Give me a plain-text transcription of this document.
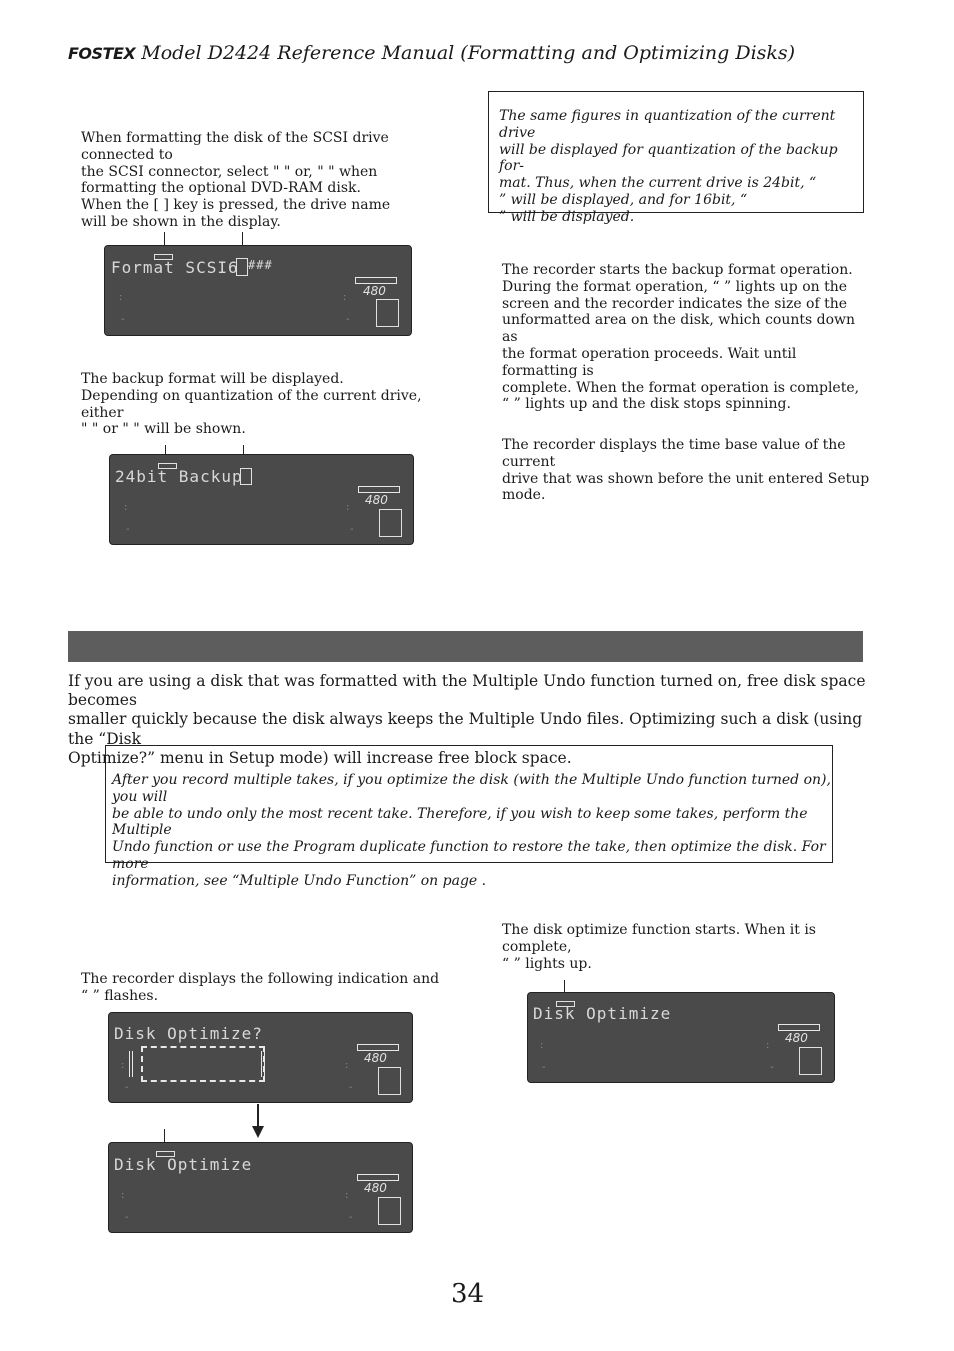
FOSTEX Model D2424 Reference Manual (Formatting and Optimizing Disks)

When formatting the disk of the SCSI drive connected to

the SCSI connector, select " " or, " " when

formatting the optional DVD-RAM disk.

When the [ ] key is pressed, the drive name

will be shown in the display.

Format SCSI6 ###
480
:	:
-	-

The backup format will be displayed.

Depending on quantization of the current drive, either

" " or " " will be shown.

24bit Backup
480
:	:
-	-
The same figures in quantization of the current drive
will be displayed for quantization of the backup for-
mat. Thus, when the current drive is 24bit, “
” will be displayed, and for 16bit, “
” will be displayed.

The recorder starts the backup format operation.

During the format operation, “ ” lights up on the

screen and the recorder indicates the size of the

unformatted area on the disk, which counts down as

the format operation proceeds. Wait until formatting is

complete. When the format operation is complete,

“ ” lights up and the disk stops spinning.

The recorder displays the time base value of the current

drive that was shown before the unit entered Setup mode.

If you are using a disk that was formatted with the Multiple Undo function turned on, free disk space becomes
smaller quickly because the disk always keeps the Multiple Undo files. Optimizing such a disk (using the “Disk
Optimize?” menu in Setup mode) will increase free block space.
After you record multiple takes, if you optimize the disk (with the Multiple Undo function turned on), you will
be able to undo only the most recent take. Therefore, if you wish to keep some takes, perform the Multiple
Undo function or use the Program duplicate function to restore the take, then optimize the disk. For more
information, see “Multiple Undo Function” on page .

The recorder displays the following indication and

“ ” flashes.

Disk Optimize?
480
:	:
-	-
Disk Optimize
480
:	:
-	-

The disk optimize function starts. When it is complete,

“ ” lights up.

Disk Optimize
480
:	:
-	-
34
